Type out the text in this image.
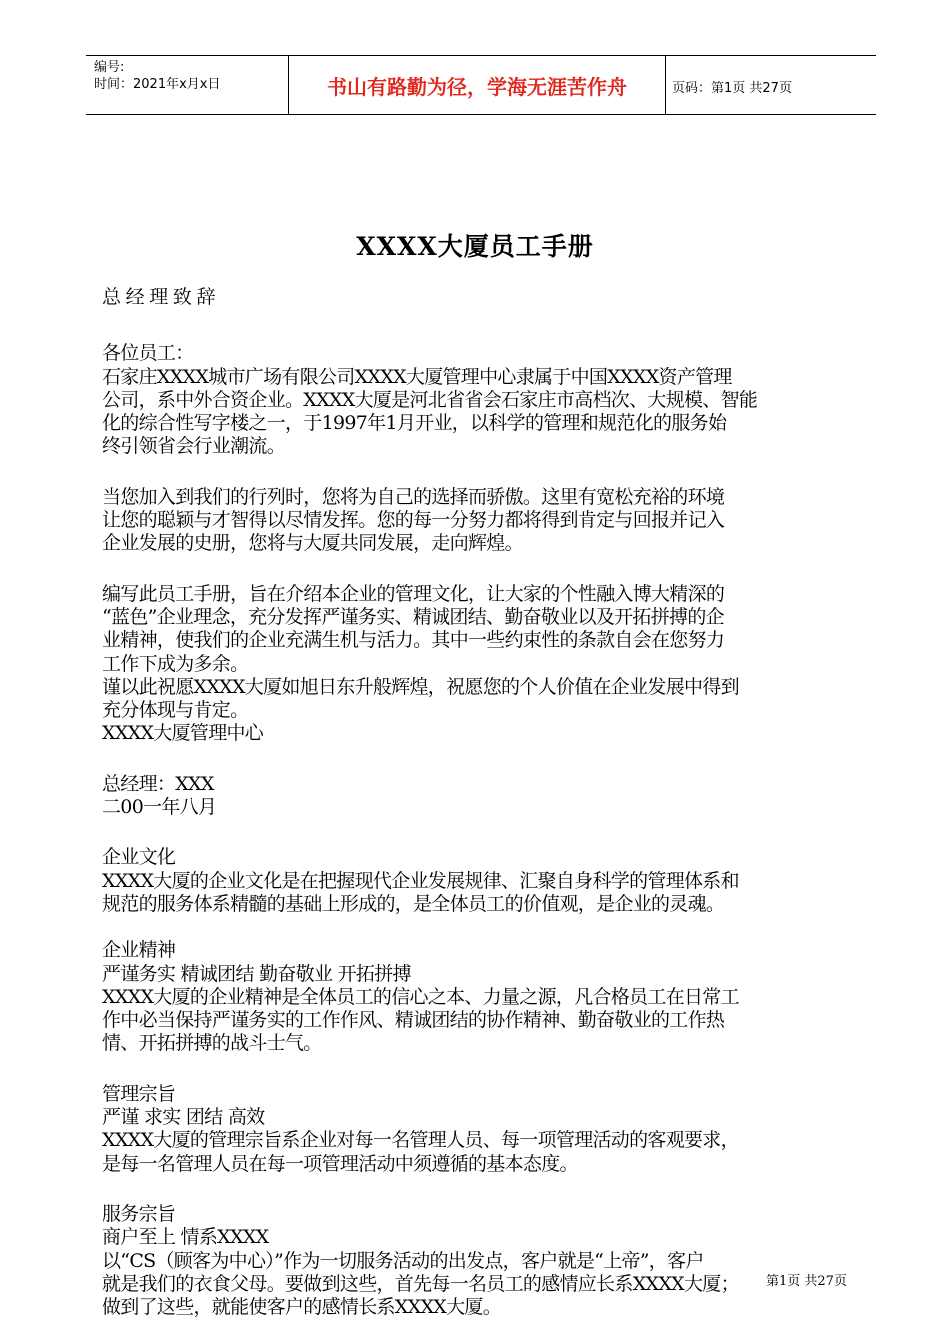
编号:
时间：2021年x月x日	书山有路勤为径，学海无涯苦作舟	页码：第1页 共27页
XXXX大厦员工手册

总 经 理 致 辞

各位员工：

石家庄XXXX城市广场有限公司XXXX大厦管理中心隶属于中国XXXX资产管理

公司，系中外合资企业。XXXX大厦是河北省省会石家庄市高档次、大规模、智能

化的综合性写字楼之一，于1997年1月开业，以科学的管理和规范化的服务始

终引领省会行业潮流。

当您加入到我们的行列时，您将为自己的选择而骄傲。这里有宽松充裕的环境

让您的聪颖与才智得以尽情发挥。您的每一分努力都将得到肯定与回报并记入

企业发展的史册，您将与大厦共同发展，走向辉煌。

编写此员工手册，旨在介绍本企业的管理文化，让大家的个性融入博大精深的

“蓝色”企业理念，充分发挥严谨务实、精诚团结、勤奋敬业以及开拓拼搏的企

业精神，使我们的企业充满生机与活力。其中一些约束性的条款自会在您努力

工作下成为多余。

谨以此祝愿XXXX大厦如旭日东升般辉煌，祝愿您的个人价值在企业发展中得到

充分体现与肯定。

XXXX大厦管理中心

总经理：XXX

二00一年八月

企业文化

XXXX大厦的企业文化是在把握现代企业发展规律、汇聚自身科学的管理体系和

规范的服务体系精髓的基础上形成的，是全体员工的价值观，是企业的灵魂。

企业精神

严谨务实 精诚团结 勤奋敬业 开拓拼搏

XXXX大厦的企业精神是全体员工的信心之本、力量之源，凡合格员工在日常工

作中必当保持严谨务实的工作作风、精诚团结的协作精神、勤奋敬业的工作热

情、开拓拼搏的战斗士气。

管理宗旨

严谨 求实 团结 高效

XXXX大厦的管理宗旨系企业对每一名管理人员、每一项管理活动的客观要求，

是每一名管理人员在每一项管理活动中须遵循的基本态度。

服务宗旨

商户至上 情系XXXX

以“CS（顾客为中心）”作为一切服务活动的出发点，客户就是“上帝”，客户

就是我们的衣食父母。要做到这些，首先每一名员工的感情应长系XXXX大厦；

做到了这些，就能使客户的感情长系XXXX大厦。

第1页 共27页
